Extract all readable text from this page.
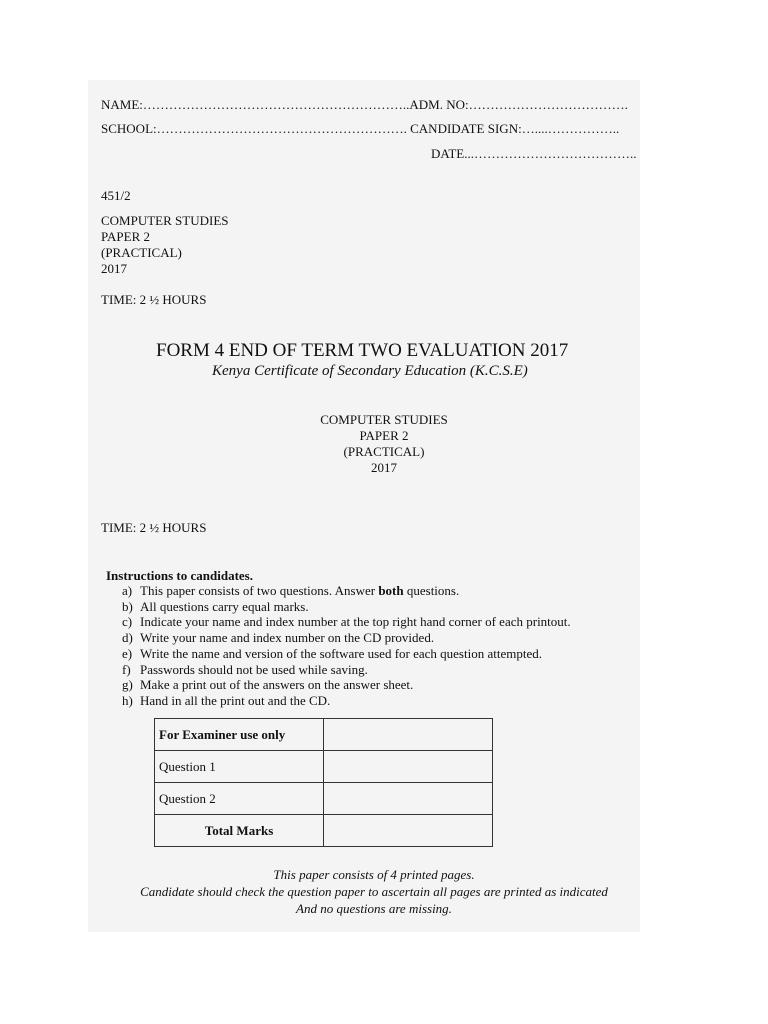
NAME:……………………………………………………..ADM. NO:……………………………….
SCHOOL:…………………………………………………. CANDIDATE SIGN:…....……………..
DATE...………………………………..
451/2
COMPUTER STUDIES
PAPER 2
(PRACTICAL)
2017
TIME: 2 ½ HOURS
FORM 4 END OF TERM TWO EVALUATION 2017
Kenya Certificate of Secondary Education (K.C.S.E)
COMPUTER STUDIES
PAPER 2
(PRACTICAL)
2017
TIME: 2 ½ HOURS
Instructions to candidates.
a) This paper consists of two questions. Answer both questions.
b) All questions carry equal marks.
c) Indicate your name and index number at the top right hand corner of each printout.
d) Write your name and index number on the CD provided.
e) Write the name and version of the software used for each question attempted.
f) Passwords should not be used while saving.
g) Make a print out of the answers on the answer sheet.
h) Hand in all the print out and the CD.
For Examiner use only	
Question 1	
Question 2	
Total Marks	
This paper consists of 4 printed pages.
Candidate should check the question paper to ascertain all pages are printed as indicated
And no questions are missing.
